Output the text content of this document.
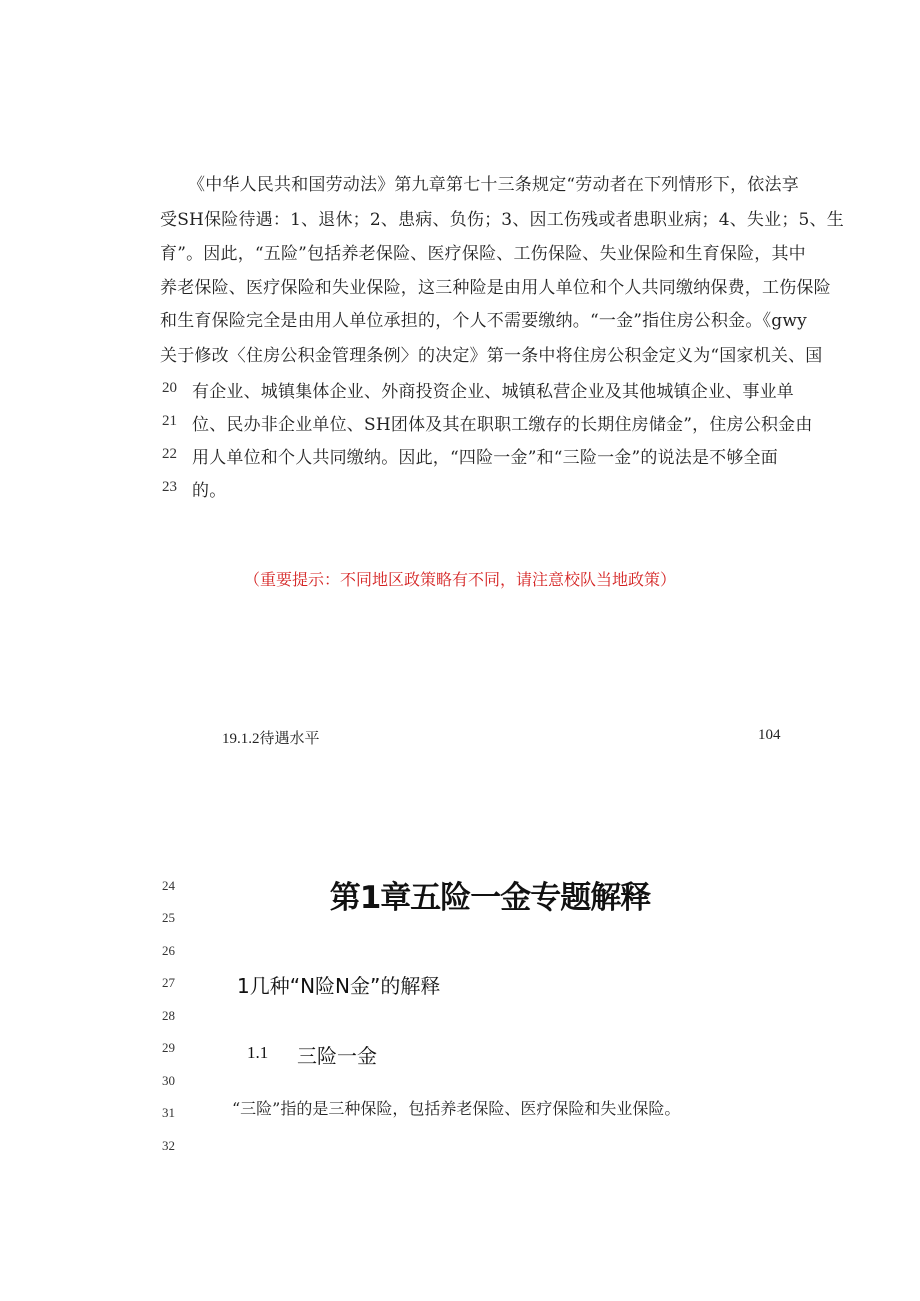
《中华人民共和国劳动法》第九章第七十三条规定“劳动者在下列情形下，依法享
受SH保险待遇：1、退休；2、患病、负伤；3、因工伤残或者患职业病；4、失业；5、生
育”。因此，“五险”包括养老保险、医疗保险、工伤保险、失业保险和生育保险，其中
养老保险、医疗保险和失业保险，这三种险是由用人单位和个人共同缴纳保费，工伤保险
和生育保险完全是由用人单位承担的，个人不需要缴纳。“一金”指住房公积金。《gwy
关于修改〈住房公积金管理条例〉的决定》第一条中将住房公积金定义为“国家机关、国
20 有企业、城镇集体企业、外商投资企业、城镇私营企业及其他城镇企业、事业单
21 位、民办非企业单位、SH团体及其在职职工缴存的长期住房储金”，住房公积金由
22 用人单位和个人共同缴纳。因此，“四险一金”和“三险一金”的说法是不够全面
23 的。
（重要提示：不同地区政策略有不同，请注意校队当地政策）
19.1.2待遇水平	104
24
25
26
27
28
29
30
31
32
第1章五险一金专题解释
1几种“N险N金”的解释
1.1 三险一金
“三险”指的是三种保险，包括养老保险、医疗保险和失业保险。
